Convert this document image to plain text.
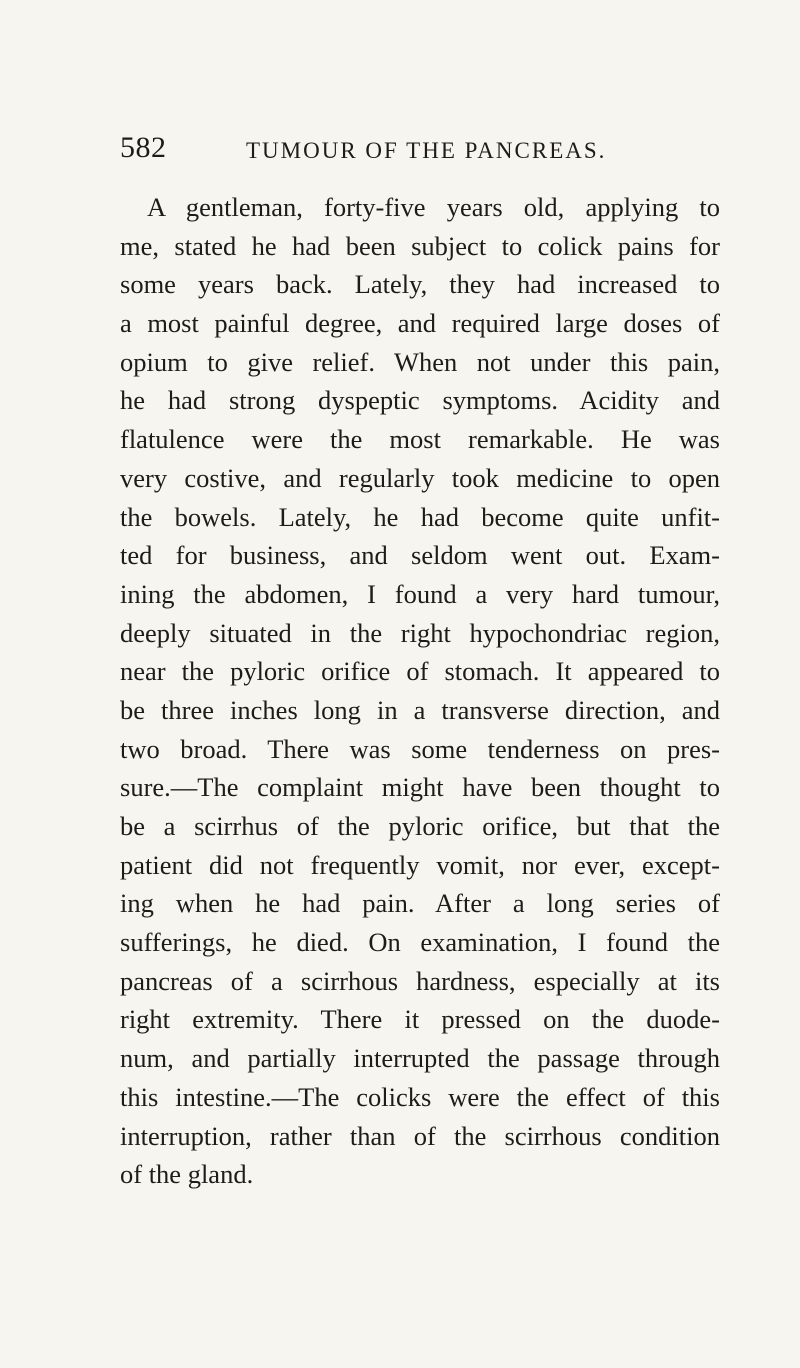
582	TUMOUR OF THE PANCREAS.
A gentleman, forty-five years old, applying to
me, stated he had been subject to colick pains for
some years back. Lately, they had increased to
a most painful degree, and required large doses of
opium to give relief. When not under this pain,
he had strong dyspeptic symptoms. Acidity and
flatulence were the most remarkable. He was
very costive, and regularly took medicine to open
the bowels. Lately, he had become quite unfit-
ted for business, and seldom went out. Exam-
ining the abdomen, I found a very hard tumour,
deeply situated in the right hypochondriac region,
near the pyloric orifice of stomach. It appeared to
be three inches long in a transverse direction, and
two broad. There was some tenderness on pres-
sure.—The complaint might have been thought to
be a scirrhus of the pyloric orifice, but that the
patient did not frequently vomit, nor ever, except-
ing when he had pain. After a long series of
sufferings, he died. On examination, I found the
pancreas of a scirrhous hardness, especially at its
right extremity. There it pressed on the duode-
num, and partially interrupted the passage through
this intestine.—The colicks were the effect of this
interruption, rather than of the scirrhous condition
of the gland.
